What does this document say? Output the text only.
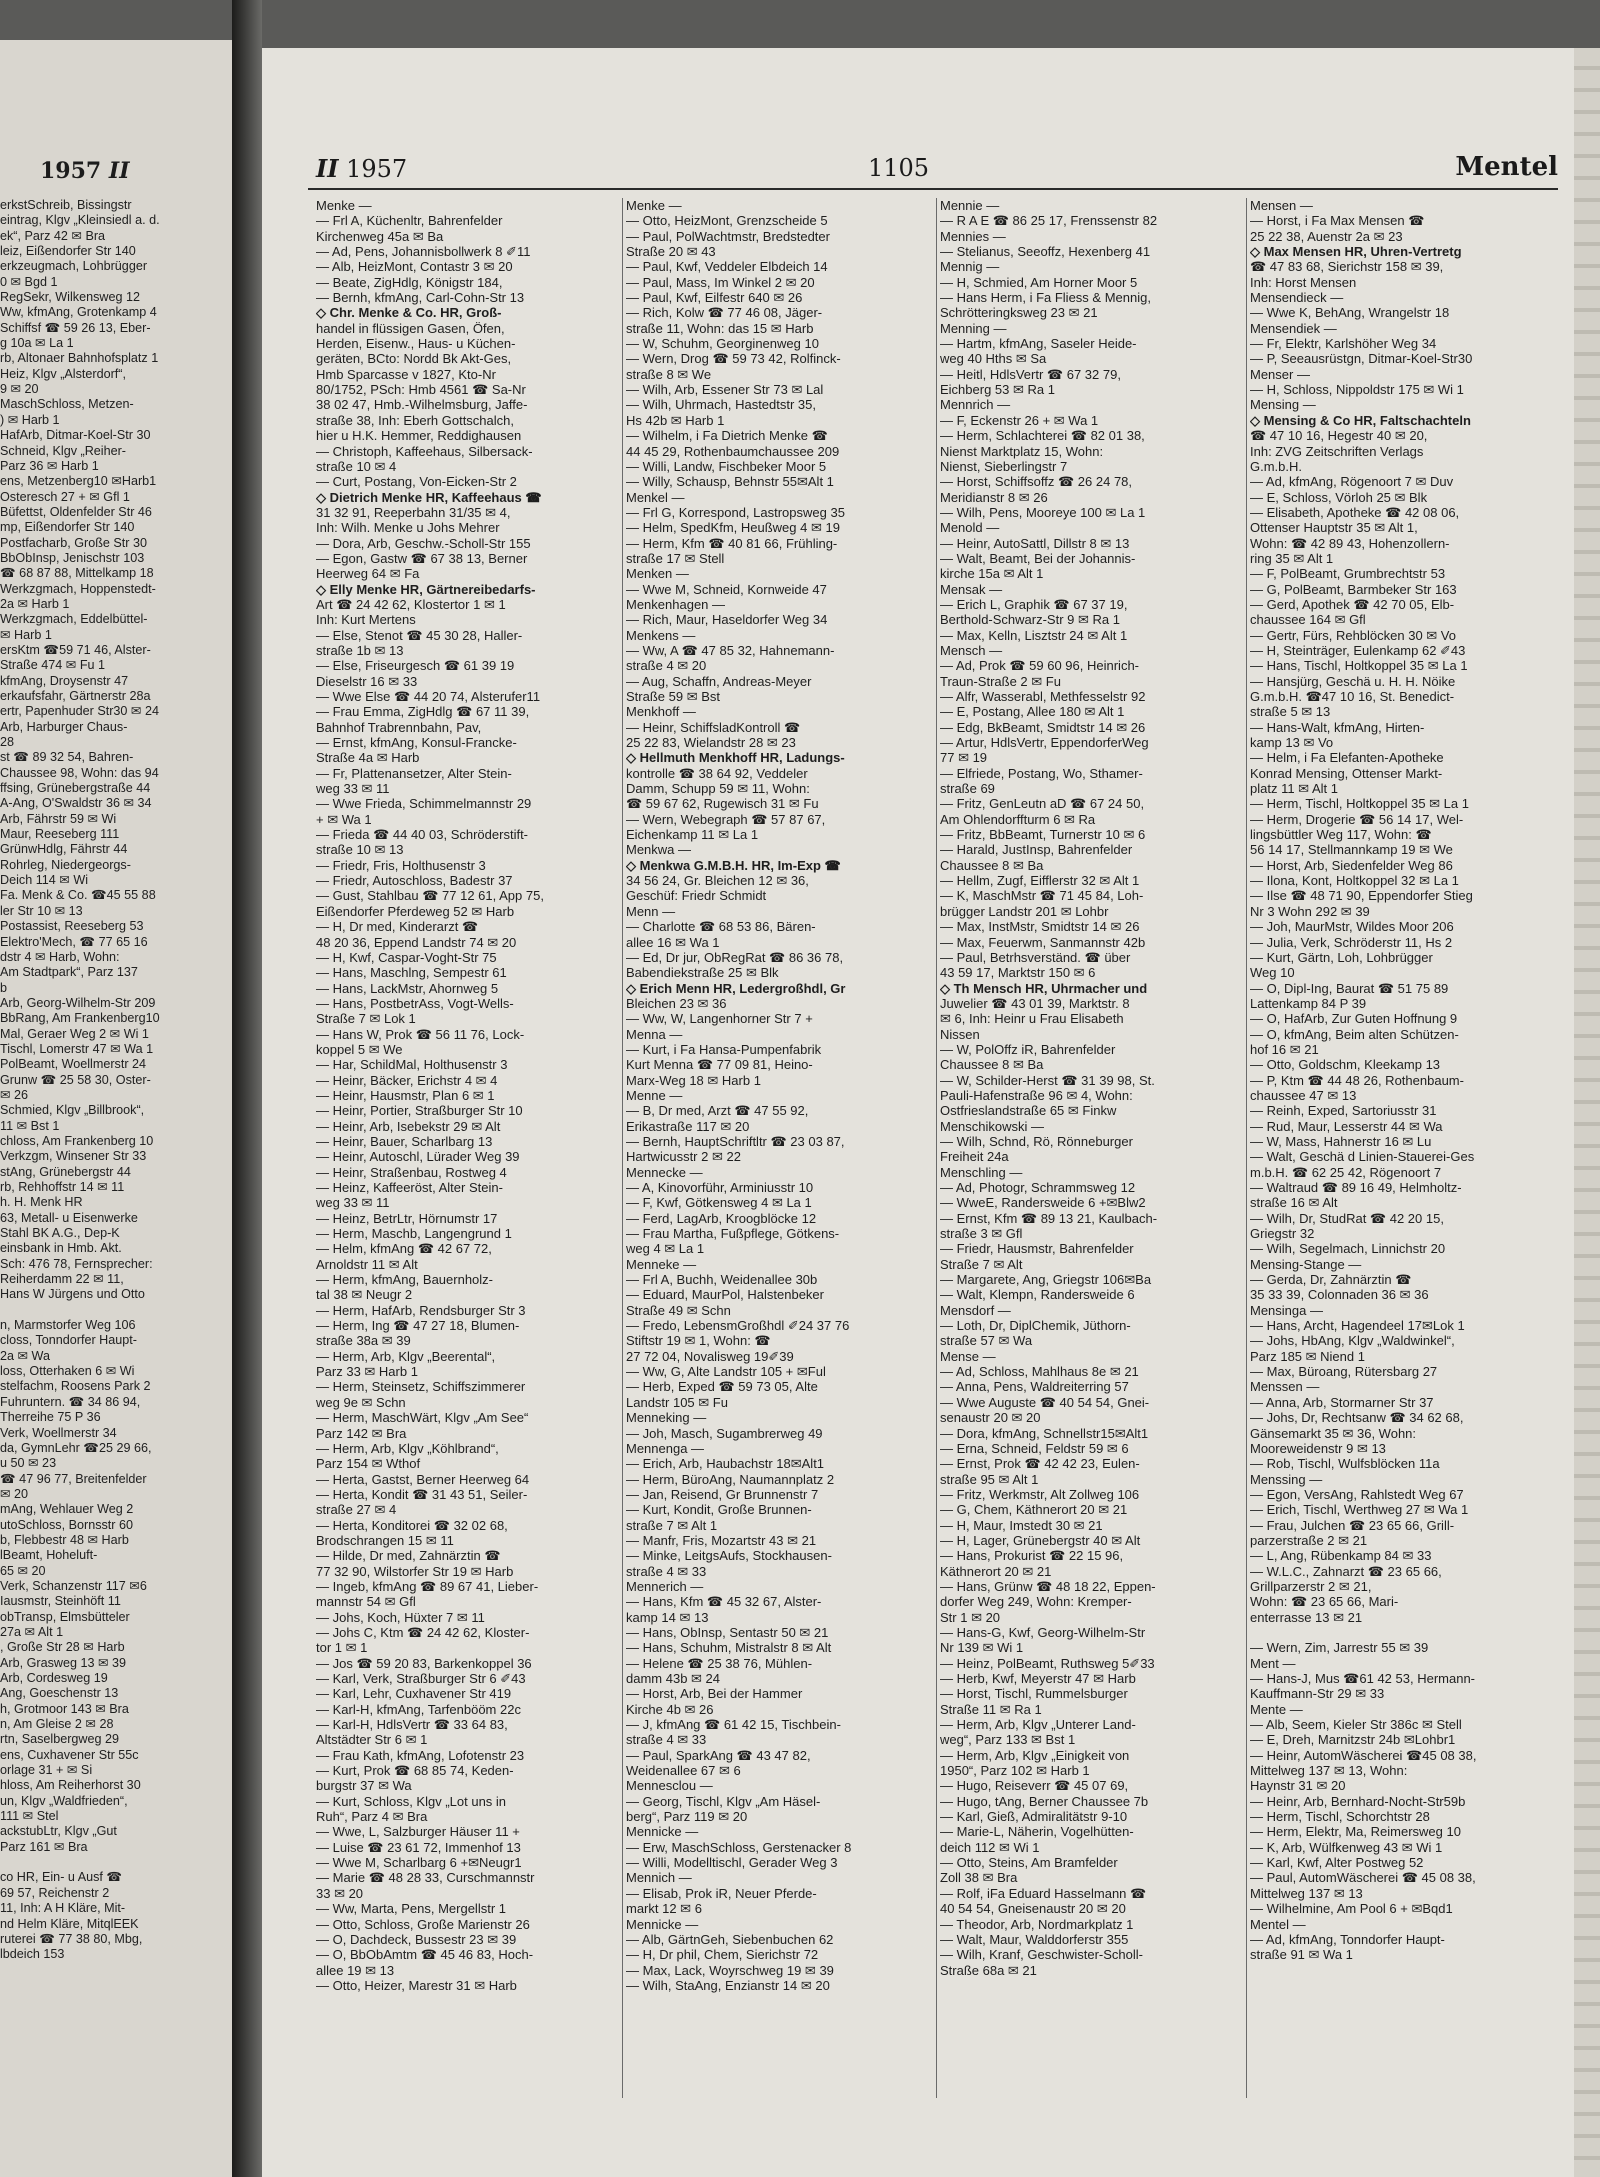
1957 II
erkstSchreib, Bissingstr
eintrag, Klgv „Kleinsiedl a. d.
ek“, Parz 42 ✉ Bra
leiz, Eißendorfer Str 140
erkzeugmach, Lohbrügger
0 ✉ Bgd 1
RegSekr, Wilkensweg 12
Ww, kfmAng, Grotenkamp 4
Schiffsf ☎ 59 26 13, Eber-
g 10a ✉ La 1
rb, Altonaer Bahnhofsplatz 1
Heiz, Klgv „Alsterdorf“,
9 ✉ 20
MaschSchloss, Metzen-
) ✉ Harb 1
HafArb, Ditmar-Koel-Str 30
Schneid, Klgv „Reiher-
Parz 36 ✉ Harb 1
ens, Metzenberg10 ✉Harb1
Osteresch 27 + ✉ Gfl 1
Büfettst, Oldenfelder Str 46
mp, Eißendorfer Str 140
Postfacharb, Große Str 30
BbObInsp, Jenischstr 103
☎ 68 87 88, Mittelkamp 18
Werkzgmach, Hoppenstedt-
2a ✉ Harb 1
Werkzgmach, Eddelbüttel-
✉ Harb 1
ersKtm ☎59 71 46, Alster-
Straße 474 ✉ Fu 1
kfmAng, Droysenstr 47
erkaufsfahr, Gärtnerstr 28a
ertr, Papenhuder Str30 ✉ 24
Arb, Harburger Chaus-
28
st ☎ 89 32 54, Bahren-
Chaussee 98, Wohn: das 94
ffsing, Grünebergstraße 44
A-Ang, O'Swaldstr 36 ✉ 34
Arb, Fährstr 59 ✉ Wi
Maur, Reeseberg 111
GrünwHdlg, Fährstr 44
Rohrleg, Niedergeorgs-
Deich 114 ✉ Wi
Fa. Menk & Co. ☎45 55 88
ler Str 10 ✉ 13
Postassist, Reeseberg 53
Elektro'Mech, ☎ 77 65 16
dstr 4 ✉ Harb, Wohn:
Am Stadtpark“, Parz 137
b
Arb, Georg-Wilhelm-Str 209
BbRang, Am Frankenberg10
Mal, Geraer Weg 2 ✉ Wi 1
Tischl, Lomerstr 47 ✉ Wa 1
PolBeamt, Woellmerstr 24
Grunw ☎ 25 58 30, Oster-
✉ 26
Schmied, Klgv „Billbrook“,
11 ✉ Bst 1
chloss, Am Frankenberg 10
Verkzgm, Winsener Str 33
stAng, Grünebergstr 44
rb, Rehhoffstr 14 ✉ 11
h. H. Menk HR
63, Metall- u Eisenwerke
Stahl BK A.G., Dep-K
einsbank in Hmb. Akt.
Sch: 476 78, Fernsprecher:
Reiherdamm 22 ✉ 11,
Hans W Jürgens und Otto

n, Marmstorfer Weg 106
closs, Tonndorfer Haupt-
2a ✉ Wa
loss, Otterhaken 6 ✉ Wi
stelfachm, Roosens Park 2
Fuhruntern. ☎ 34 86 94,
Therreihe 75 P 36
Verk, Woellmerstr 34
da, GymnLehr ☎25 29 66,
u 50 ✉ 23
☎ 47 96 77, Breitenfelder
✉ 20
mAng, Wehlauer Weg 2
utoSchloss, Bornsstr 60
b, Flebbestr 48 ✉ Harb
lBeamt, Hoheluft-
65 ✉ 20
Verk, Schanzenstr 117 ✉6
Iausmstr, Steinhöft 11
obTransp, Elmsbütteler
27a ✉ Alt 1
, Große Str 28 ✉ Harb
Arb, Grasweg 13 ✉ 39
Arb, Cordesweg 19
Ang, Goeschenstr 13
h, Grotmoor 143 ✉ Bra
n, Am Gleise 2 ✉ 28
rtn, Saselbergweg 29
ens, Cuxhavener Str 55c
orlage 31 + ✉ Si
hloss, Am Reiherhorst 30
un, Klgv „Waldfrieden“,
111 ✉ Stel
ackstubLtr, Klgv „Gut
Parz 161 ✉ Bra

co HR, Ein- u Ausf ☎
69 57, Reichenstr 2
11, Inh: A H Kläre, Mit-
nd Helm Kläre, MitqlEEK
ruterei ☎ 77 38 80, Mbg,
lbdeich 153
II 1957	1105	Mentel
Menke —
— Frl A, Küchenltr, Bahrenfelder
Kirchenweg 45a ✉ Ba
— Ad, Pens, Johannisbollwerk 8 ✐11
— Alb, HeizMont, Contastr 3 ✉ 20
— Beate, ZigHdlg, Königstr 184,
— Bernh, kfmAng, Carl-Cohn-Str 13
◇ Chr. Menke & Co. HR, Groß-
handel in flüssigen Gasen, Öfen,
Herden, Eisenw., Haus- u Küchen-
geräten, BCto: Nordd Bk Akt-Ges,
Hmb Sparcasse v 1827, Kto-Nr
80/1752, PSch: Hmb 4561 ☎ Sa-Nr
38 02 47, Hmb.-Wilhelmsburg, Jaffe-
straße 38, Inh: Eberh Gottschalch,
hier u H.K. Hemmer, Reddighausen
— Christoph, Kaffeehaus, Silbersack-
straße 10 ✉ 4
— Curt, Postang, Von-Eicken-Str 2
◇ Dietrich Menke HR, Kaffeehaus ☎
31 32 91, Reeperbahn 31/35 ✉ 4,
Inh: Wilh. Menke u Johs Mehrer
— Dora, Arb, Geschw.-Scholl-Str 155
— Egon, Gastw ☎ 67 38 13, Berner
Heerweg 64 ✉ Fa
◇ Elly Menke HR, Gärtnereibedarfs-
Art ☎ 24 42 62, Klostertor 1 ✉ 1
Inh: Kurt Mertens
— Else, Stenot ☎ 45 30 28, Haller-
straße 1b ✉ 13
— Else, Friseurgesch ☎ 61 39 19
Dieselstr 16 ✉ 33
— Wwe Else ☎ 44 20 74, Alsterufer11
— Frau Emma, ZigHdlg ☎ 67 11 39,
Bahnhof Trabrennbahn, Pav,
— Ernst, kfmAng, Konsul-Francke-
Straße 4a ✉ Harb
— Fr, Plattenansetzer, Alter Stein-
weg 33 ✉ 11
— Wwe Frieda, Schimmelmannstr 29
+ ✉ Wa 1
— Frieda ☎ 44 40 03, Schröderstift-
straße 10 ✉ 13
— Friedr, Fris, Holthusenstr 3
— Friedr, Autoschloss, Badestr 37
— Gust, Stahlbau ☎ 77 12 61, App 75,
Eißendorfer Pferdeweg 52 ✉ Harb
— H, Dr med, Kinderarzt ☎
48 20 36, Eppend Landstr 74 ✉ 20
— H, Kwf, Caspar-Voght-Str 75
— Hans, Maschlng, Sempestr 61
— Hans, LackMstr, Ahornweg 5
— Hans, PostbetrAss, Vogt-Wells-
Straße 7 ✉ Lok 1
— Hans W, Prok ☎ 56 11 76, Lock-
koppel 5 ✉ We
— Har, SchildMal, Holthusenstr 3
— Heinr, Bäcker, Erichstr 4 ✉ 4
— Heinr, Hausmstr, Plan 6 ✉ 1
— Heinr, Portier, Straßburger Str 10
— Heinr, Arb, Isebekstr 29 ✉ Alt
— Heinr, Bauer, Scharlbarg 13
— Heinr, Autoschl, Lürader Weg 39
— Heinr, Straßenbau, Rostweg 4
— Heinz, Kaffeeröst, Alter Stein-
weg 33 ✉ 11
— Heinz, BetrLtr, Hörnumstr 17
— Herm, Maschb, Langengrund 1
— Helm, kfmAng ☎ 42 67 72,
Arnoldstr 11 ✉ Alt
— Herm, kfmAng, Bauernholz-
tal 38 ✉ Neugr 2
— Herm, HafArb, Rendsburger Str 3
— Herm, Ing ☎ 47 27 18, Blumen-
straße 38a ✉ 39
— Herm, Arb, Klgv „Beerental“,
Parz 33 ✉ Harb 1
— Herm, Steinsetz, Schiffszimmerer
weg 9e ✉ Schn
— Herm, MaschWärt, Klgv „Am See“
Parz 142 ✉ Bra
— Herm, Arb, Klgv „Köhlbrand“,
Parz 154 ✉ Wthof
— Herta, Gastst, Berner Heerweg 64
— Herta, Kondit ☎ 31 43 51, Seiler-
straße 27 ✉ 4
— Herta, Konditorei ☎ 32 02 68,
Brodschrangen 15 ✉ 11
— Hilde, Dr med, Zahnärztin ☎
77 32 90, Wilstorfer Str 19 ✉ Harb
— Ingeb, kfmAng ☎ 89 67 41, Lieber-
mannstr 54 ✉ Gfl
— Johs, Koch, Hüxter 7 ✉ 11
— Johs C, Ktm ☎ 24 42 62, Kloster-
tor 1 ✉ 1
— Jos ☎ 59 20 83, Barkenkoppel 36
— Karl, Verk, Straßburger Str 6 ✐43
— Karl, Lehr, Cuxhavener Str 419
— Karl-H, kfmAng, Tarfenbööm 22c
— Karl-H, HdlsVertr ☎ 33 64 83,
Altstädter Str 6 ✉ 1
— Frau Kath, kfmAng, Lofotenstr 23
— Kurt, Prok ☎ 68 85 74, Keden-
burgstr 37 ✉ Wa
— Kurt, Schloss, Klgv „Lot uns in
Ruh“, Parz 4 ✉ Bra
— Wwe, L, Salzburger Häuser 11 +
— Luise ☎ 23 61 72, Immenhof 13
— Wwe M, Scharlbarg 6 +✉Neugr1
— Marie ☎ 48 28 33, Curschmannstr
33 ✉ 20
— Ww, Marta, Pens, Mergellstr 1
— Otto, Schloss, Große Marienstr 26
— O, Dachdeck, Bussestr 23 ✉ 39
— O, BbObAmtm ☎ 45 46 83, Hoch-
allee 19 ✉ 13
— Otto, Heizer, Marestr 31 ✉ Harb
Menke —
— Otto, HeizMont, Grenzscheide 5
— Paul, PolWachtmstr, Bredstedter
Straße 20 ✉ 43
— Paul, Kwf, Veddeler Elbdeich 14
— Paul, Mass, Im Winkel 2 ✉ 20
— Paul, Kwf, Eilfestr 640 ✉ 26
— Rich, Kolw ☎ 77 46 08, Jäger-
straße 11, Wohn: das 15 ✉ Harb
— W, Schuhm, Georginenweg 10
— Wern, Drog ☎ 59 73 42, Rolfinck-
straße 8 ✉ We
— Wilh, Arb, Essener Str 73 ✉ Lal
— Wilh, Uhrmach, Hastedtstr 35,
Hs 42b ✉ Harb 1
— Wilhelm, i Fa Dietrich Menke ☎
44 45 29, Rothenbaumchaussee 209
— Willi, Landw, Fischbeker Moor 5
— Willy, Schausp, Behnstr 55✉Alt 1
Menkel —
— Frl G, Korrespond, Lastropsweg 35
— Helm, SpedKfm, Heußweg 4 ✉ 19
— Herm, Kfm ☎ 40 81 66, Frühling-
straße 17 ✉ Stell
Menken —
— Wwe M, Schneid, Kornweide 47
Menkenhagen —
— Rich, Maur, Haseldorfer Weg 34
Menkens —
— Ww, A ☎ 47 85 32, Hahnemann-
straße 4 ✉ 20
— Aug, Schaffn, Andreas-Meyer
Straße 59 ✉ Bst
Menkhoff —
— Heinr, SchiffsladKontroll ☎
25 22 83, Wielandstr 28 ✉ 23
◇ Hellmuth Menkhoff HR, Ladungs-
kontrolle ☎ 38 64 92, Veddeler
Damm, Schupp 59 ✉ 11, Wohn:
☎ 59 67 62, Rugewisch 31 ✉ Fu
— Wern, Webegraph ☎ 57 87 67,
Eichenkamp 11 ✉ La 1
Menkwa —
◇ Menkwa G.M.B.H. HR, Im-Exp ☎
34 56 24, Gr. Bleichen 12 ✉ 36,
Geschüf: Friedr Schmidt
Menn —
— Charlotte ☎ 68 53 86, Bären-
allee 16 ✉ Wa 1
— Ed, Dr jur, ObRegRat ☎ 86 36 78,
Babendiekstraße 25 ✉ Blk
◇ Erich Menn HR, Ledergroßhdl, Gr
Bleichen 23 ✉ 36
— Ww, W, Langenhorner Str 7 +
Menna —
— Kurt, i Fa Hansa-Pumpenfabrik
Kurt Menna ☎ 77 09 81, Heino-
Marx-Weg 18 ✉ Harb 1
Menne —
— B, Dr med, Arzt ☎ 47 55 92,
Erikastraße 117 ✉ 20
— Bernh, HauptSchriftltr ☎ 23 03 87,
Hartwicusstr 2 ✉ 22
Mennecke —
— A, Kinovorführ, Arminiusstr 10
— F, Kwf, Götkensweg 4 ✉ La 1
— Ferd, LagArb, Kroogblöcke 12
— Frau Martha, Fußpflege, Götkens-
weg 4 ✉ La 1
Menneke —
— Frl A, Buchh, Weidenallee 30b
— Eduard, MaurPol, Halstenbeker
Straße 49 ✉ Schn
— Fredo, LebensmGroßhdl ✐24 37 76
Stiftstr 19 ✉ 1, Wohn: ☎
27 72 04, Novalisweg 19✐39
— Ww, G, Alte Landstr 105 + ✉Ful
— Herb, Exped ☎ 59 73 05, Alte
Landstr 105 ✉ Fu
Menneking —
— Joh, Masch, Sugambrerweg 49
Mennenga —
— Erich, Arb, Haubachstr 18✉Alt1
— Herm, BüroAng, Naumannplatz 2
— Jan, Reisend, Gr Brunnenstr 7
— Kurt, Kondit, Große Brunnen-
straße 7 ✉ Alt 1
— Manfr, Fris, Mozartstr 43 ✉ 21
— Minke, LeitgsAufs, Stockhausen-
straße 4 ✉ 33
Mennerich —
— Hans, Kfm ☎ 45 32 67, Alster-
kamp 14 ✉ 13
— Hans, ObInsp, Sentastr 50 ✉ 21
— Hans, Schuhm, Mistralstr 8 ✉ Alt
— Helene ☎ 25 38 76, Mühlen-
damm 43b ✉ 24
— Horst, Arb, Bei der Hammer
Kirche 4b ✉ 26
— J, kfmAng ☎ 61 42 15, Tischbein-
straße 4 ✉ 33
— Paul, SparkAng ☎ 43 47 82,
Weidenallee 67 ✉ 6
Mennesclou —
— Georg, Tischl, Klgv „Am Häsel-
berg“, Parz 119 ✉ 20
Mennicke —
— Erw, MaschSchloss, Gerstenacker 8
— Willi, Modelltischl, Gerader Weg 3
Mennich —
— Elisab, Prok iR, Neuer Pferde-
markt 12 ✉ 6
Mennicke —
— Alb, GärtnGeh, Siebenbuchen 62
— H, Dr phil, Chem, Sierichstr 72
— Max, Lack, Woyrschweg 19 ✉ 39
— Wilh, StaAng, Enzianstr 14 ✉ 20
Mennie —
— R A E ☎ 86 25 17, Frenssenstr 82
Mennies —
— Stelianus, Seeoffz, Hexenberg 41
Mennig —
— H, Schmied, Am Horner Moor 5
— Hans Herm, i Fa Fliess & Mennig,
Schrötteringksweg 23 ✉ 21
Menning —
— Hartm, kfmAng, Saseler Heide-
weg 40 Hths ✉ Sa
— Heitl, HdlsVertr ☎ 67 32 79,
Eichberg 53 ✉ Ra 1
Mennrich —
— F, Eckenstr 26 + ✉ Wa 1
— Herm, Schlachterei ☎ 82 01 38,
Nienst Marktplatz 15, Wohn:
Nienst, Sieberlingstr 7
— Horst, Schiffsoffz ☎ 26 24 78,
Meridianstr 8 ✉ 26
— Wilh, Pens, Mooreye 100 ✉ La 1
Menold —
— Heinr, AutoSattl, Dillstr 8 ✉ 13
— Walt, Beamt, Bei der Johannis-
kirche 15a ✉ Alt 1
Mensak —
— Erich L, Graphik ☎ 67 37 19,
Berthold-Schwarz-Str 9 ✉ Ra 1
— Max, Kelln, Lisztstr 24 ✉ Alt 1
Mensch —
— Ad, Prok ☎ 59 60 96, Heinrich-
Traun-Straße 2 ✉ Fu
— Alfr, Wasserabl, Methfesselstr 92
— E, Postang, Allee 180 ✉ Alt 1
— Edg, BkBeamt, Smidtstr 14 ✉ 26
— Artur, HdlsVertr, EppendorferWeg
77 ✉ 19
— Elfriede, Postang, Wo, Sthamer-
straße 69
— Fritz, GenLeutn aD ☎ 67 24 50,
Am Ohlendorffturm 6 ✉ Ra
— Fritz, BbBeamt, Turnerstr 10 ✉ 6
— Harald, JustInsp, Bahrenfelder
Chaussee 8 ✉ Ba
— Hellm, Zugf, Eifflerstr 32 ✉ Alt 1
— K, MaschMstr ☎ 71 45 84, Loh-
brügger Landstr 201 ✉ Lohbr
— Max, InstMstr, Smidtstr 14 ✉ 26
— Max, Feuerwm, Sanmannstr 42b
— Paul, Betrhsverständ. ☎ über
43 59 17, Marktstr 150 ✉ 6
◇ Th Mensch HR, Uhrmacher und
Juwelier ☎ 43 01 39, Marktstr. 8
✉ 6, Inh: Heinr u Frau Elisabeth
Nissen
— W, PolOffz iR, Bahrenfelder
Chaussee 8 ✉ Ba
— W, Schilder-Herst ☎ 31 39 98, St.
Pauli-Hafenstraße 96 ✉ 4, Wohn:
Ostfrieslandstraße 65 ✉ Finkw
Menschikowski —
— Wilh, Schnd, Rö, Rönneburger
Freiheit 24a
Menschling —
— Ad, Photogr, Schrammsweg 12
— WweE, Randersweide 6 +✉Blw2
— Ernst, Kfm ☎ 89 13 21, Kaulbach-
straße 3 ✉ Gfl
— Friedr, Hausmstr, Bahrenfelder
Straße 7 ✉ Alt
— Margarete, Ang, Griegstr 106✉Ba
— Walt, Klempn, Randersweide 6
Mensdorf —
— Loth, Dr, DiplChemik, Jüthorn-
straße 57 ✉ Wa
Mense —
— Ad, Schloss, Mahlhaus 8e ✉ 21
— Anna, Pens, Waldreiterring 57
— Wwe Auguste ☎ 40 54 54, Gnei-
senaustr 20 ✉ 20
— Dora, kfmAng, Schnellstr15✉Alt1
— Erna, Schneid, Feldstr 59 ✉ 6
— Ernst, Prok ☎ 42 42 23, Eulen-
straße 95 ✉ Alt 1
— Fritz, Werkmstr, Alt Zollweg 106
— G, Chem, Käthnerort 20 ✉ 21
— H, Maur, Imstedt 30 ✉ 21
— H, Lager, Grünebergstr 40 ✉ Alt
— Hans, Prokurist ☎ 22 15 96,
Käthnerort 20 ✉ 21
— Hans, Grünw ☎ 48 18 22, Eppen-
dorfer Weg 249, Wohn: Kremper-
Str 1 ✉ 20
— Hans-G, Kwf, Georg-Wilhelm-Str
Nr 139 ✉ Wi 1
— Heinz, PolBeamt, Ruthsweg 5✐33
— Herb, Kwf, Meyerstr 47 ✉ Harb
— Horst, Tischl, Rummelsburger
Straße 11 ✉ Ra 1
— Herm, Arb, Klgv „Unterer Land-
weg“, Parz 133 ✉ Bst 1
— Herm, Arb, Klgv „Einigkeit von
1950“, Parz 102 ✉ Harb 1
— Hugo, Reiseverr ☎ 45 07 69,
— Hugo, tAng, Berner Chaussee 7b
— Karl, Gieß, Admiralitätstr 9-10
— Marie-L, Näherin, Vogelhütten-
deich 112 ✉ Wi 1
— Otto, Steins, Am Bramfelder
Zoll 38 ✉ Bra
— Rolf, iFa Eduard Hasselmann ☎
40 54 54, Gneisenaustr 20 ✉ 20
— Theodor, Arb, Nordmarkplatz 1
— Walt, Maur, Walddorferstr 355
— Wilh, Kranf, Geschwister-Scholl-
Straße 68a ✉ 21
Mensen —
— Horst, i Fa Max Mensen ☎
25 22 38, Auenstr 2a ✉ 23
◇ Max Mensen HR, Uhren-Vertretg
☎ 47 83 68, Sierichstr 158 ✉ 39,
Inh: Horst Mensen
Mensendieck —
— Wwe K, BehAng, Wrangelstr 18
Mensendiek —
— Fr, Elektr, Karlshöher Weg 34
— P, Seeausrüstgn, Ditmar-Koel-Str30
Menser —
— H, Schloss, Nippoldstr 175 ✉ Wi 1
Mensing —
◇ Mensing & Co HR, Faltschachteln
☎ 47 10 16, Hegestr 40 ✉ 20,
Inh: ZVG Zeitschriften Verlags
G.m.b.H.
— Ad, kfmAng, Rögenoort 7 ✉ Duv
— E, Schloss, Vörloh 25 ✉ Blk
— Elisabeth, Apotheke ☎ 42 08 06,
Ottenser Hauptstr 35 ✉ Alt 1,
Wohn: ☎ 42 89 43, Hohenzollern-
ring 35 ✉ Alt 1
— F, PolBeamt, Grumbrechtstr 53
— G, PolBeamt, Barmbeker Str 163
— Gerd, Apothek ☎ 42 70 05, Elb-
chaussee 164 ✉ Gfl
— Gertr, Fürs, Rehblöcken 30 ✉ Vo
— H, Steinträger, Eulenkamp 62 ✐43
— Hans, Tischl, Holtkoppel 35 ✉ La 1
— Hansjürg, Geschä u. H. H. Nöike
G.m.b.H. ☎47 10 16, St. Benedict-
straße 5 ✉ 13
— Hans-Walt, kfmAng, Hirten-
kamp 13 ✉ Vo
— Helm, i Fa Elefanten-Apotheke
Konrad Mensing, Ottenser Markt-
platz 11 ✉ Alt 1
— Herm, Tischl, Holtkoppel 35 ✉ La 1
— Herm, Drogerie ☎ 56 14 17, Wel-
lingsbüttler Weg 117, Wohn: ☎
56 14 17, Stellmannkamp 19 ✉ We
— Horst, Arb, Siedenfelder Weg 86
— Ilona, Kont, Holtkoppel 32 ✉ La 1
— Ilse ☎ 48 71 90, Eppendorfer Stieg
Nr 3 Wohn 292 ✉ 39
— Joh, MaurMstr, Wildes Moor 206
— Julia, Verk, Schröderstr 11, Hs 2
— Kurt, Gärtn, Loh, Lohbrügger
Weg 10
— O, Dipl-Ing, Baurat ☎ 51 75 89
Lattenkamp 84 P 39
— O, HafArb, Zur Guten Hoffnung 9
— O, kfmAng, Beim alten Schützen-
hof 16 ✉ 21
— Otto, Goldschm, Kleekamp 13
— P, Ktm ☎ 44 48 26, Rothenbaum-
chaussee 47 ✉ 13
— Reinh, Exped, Sartoriusstr 31
— Rud, Maur, Lesserstr 44 ✉ Wa
— W, Mass, Hahnerstr 16 ✉ Lu
— Walt, Geschä d Linien-Stauerei-Ges
m.b.H. ☎ 62 25 42, Rögenoort 7
— Waltraud ☎ 89 16 49, Helmholtz-
straße 16 ✉ Alt
— Wilh, Dr, StudRat ☎ 42 20 15,
Griegstr 32
— Wilh, Segelmach, Linnichstr 20
Mensing-Stange —
— Gerda, Dr, Zahnärztin ☎
35 33 39, Colonnaden 36 ✉ 36
Mensinga —
— Hans, Archt, Hagendeel 17✉Lok 1
— Johs, HbAng, Klgv „Waldwinkel“,
Parz 185 ✉ Niend 1
— Max, Büroang, Rütersbarg 27
Menssen —
— Anna, Arb, Stormarner Str 37
— Johs, Dr, Rechtsanw ☎ 34 62 68,
Gänsemarkt 35 ✉ 36, Wohn:
Mooreweidenstr 9 ✉ 13
— Rob, Tischl, Wulfsblöcken 11a
Menssing —
— Egon, VersAng, Rahlstedt Weg 67
— Erich, Tischl, Werthweg 27 ✉ Wa 1
— Frau, Julchen ☎ 23 65 66, Grill-
parzerstraße 2 ✉ 21
— L, Ang, Rübenkamp 84 ✉ 33
— W.L.C., Zahnarzt ☎ 23 65 66,
Grillparzerstr 2 ✉ 21,
Wohn: ☎ 23 65 66, Mari-
enterrasse 13 ✉ 21

— Wern, Zim, Jarrestr 55 ✉ 39
Ment —
— Hans-J, Mus ☎61 42 53, Hermann-
Kauffmann-Str 29 ✉ 33
Mente —
— Alb, Seem, Kieler Str 386c ✉ Stell
— E, Dreh, Marnitzstr 24b ✉Lohbr1
— Heinr, AutomWäscherei ☎45 08 38,
Mittelweg 137 ✉ 13, Wohn:
Haynstr 31 ✉ 20
— Heinr, Arb, Bernhard-Nocht-Str59b
— Herm, Tischl, Schorchtstr 28
— Herm, Elektr, Ma, Reimersweg 10
— K, Arb, Wülfkenweg 43 ✉ Wi 1
— Karl, Kwf, Alter Postweg 52
— Paul, AutomWäscherei ☎ 45 08 38,
Mittelweg 137 ✉ 13
— Wilhelmine, Am Pool 6 + ✉Bqd1
Mentel —
— Ad, kfmAng, Tonndorfer Haupt-
straße 91 ✉ Wa 1
